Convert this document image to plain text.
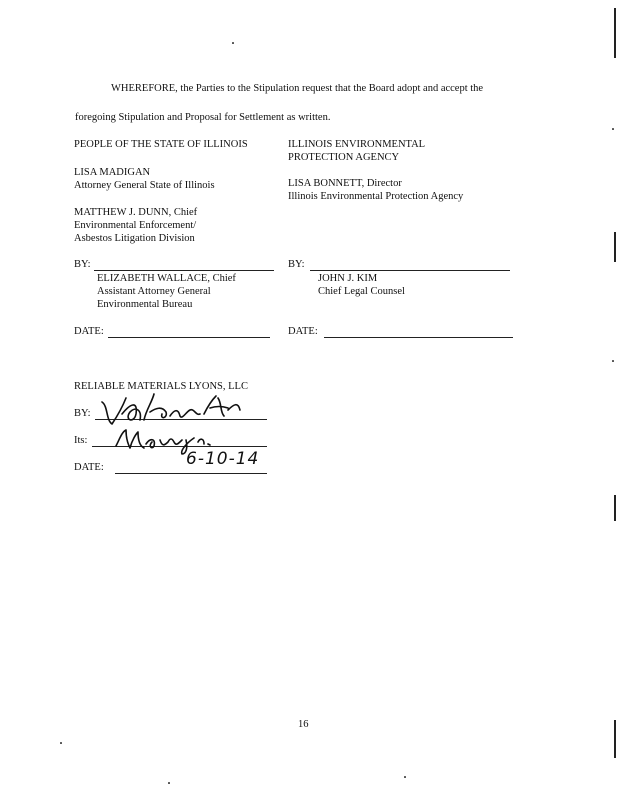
WHEREFORE, the Parties to the Stipulation request that the Board adopt and accept the
foregoing Stipulation and Proposal for Settlement as written.
PEOPLE OF THE STATE OF ILLINOIS
LISA MADIGAN
Attorney General State of Illinois
MATTHEW J. DUNN, Chief
Environmental Enforcement/
Asbestos Litigation Division
BY:
ELIZABETH WALLACE, Chief
Assistant Attorney General
Environmental Bureau
DATE:
ILLINOIS ENVIRONMENTAL
PROTECTION AGENCY
LISA BONNETT, Director
Illinois Environmental Protection Agency
BY:
JOHN J. KIM
Chief Legal Counsel
DATE:
RELIABLE MATERIALS LYONS, LLC
BY:
Its:
DATE:	6-10-14
16
